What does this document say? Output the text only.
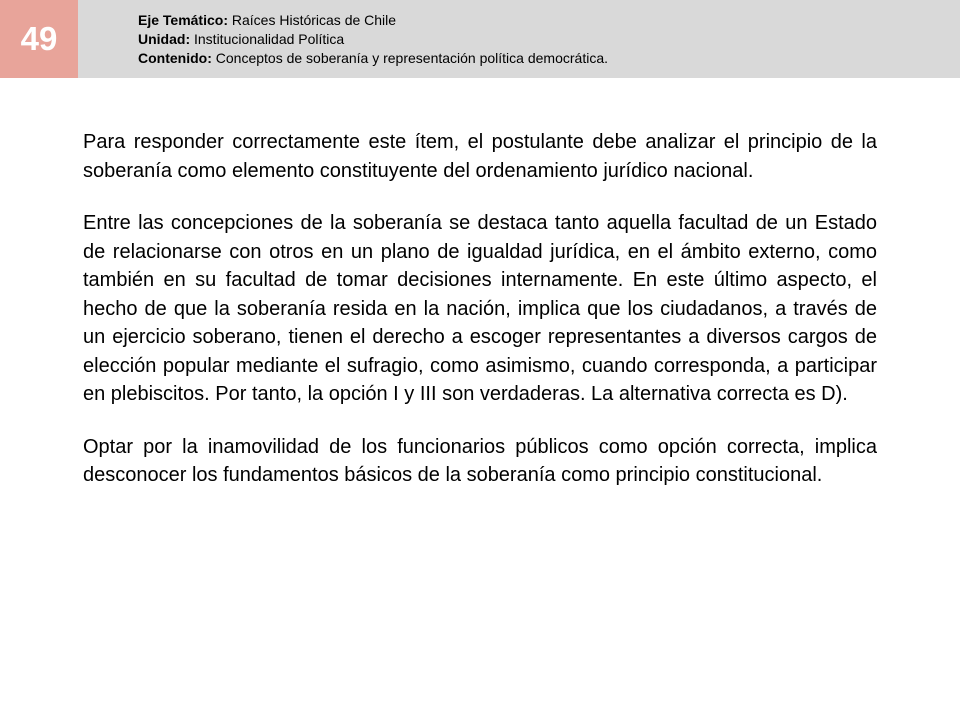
49	Eje Temático: Raíces Históricas de Chile
Unidad: Institucionalidad Política
Contenido: Conceptos de soberanía y representación política democrática.

Para responder correctamente este ítem, el postulante debe analizar el principio de la soberanía como elemento constituyente del ordenamiento jurídico nacional.

Entre las concepciones de la soberanía se destaca tanto aquella facultad de un Estado de relacionarse con otros en un plano de igualdad jurídica, en el ámbito externo, como también en su facultad de tomar decisiones internamente. En este último aspecto, el hecho de que la soberanía resida en la nación, implica que los ciudadanos, a través de un ejercicio soberano, tienen el derecho a escoger representantes a diversos cargos de elección popular mediante el sufragio, como asimismo, cuando corresponda, a participar en plebiscitos. Por tanto, la opción I y III son verdaderas. La alternativa correcta es D).

Optar por la inamovilidad de los funcionarios públicos como opción correcta, implica desconocer los fundamentos básicos de la soberanía como principio constitucional.
